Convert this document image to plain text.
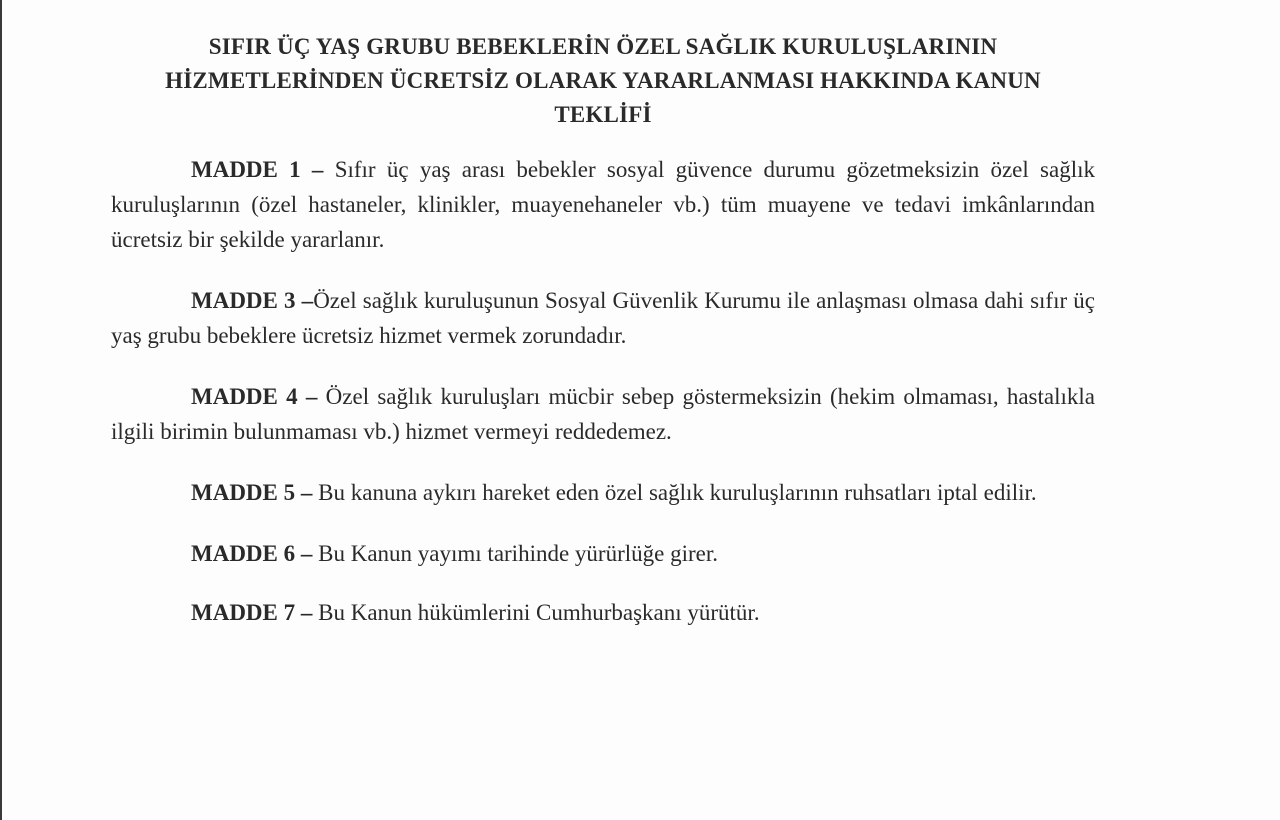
SIFIR ÜÇ YAŞ GRUBU BEBEKLERİN ÖZEL SAĞLIK KURULUŞLARININ
HİZMETLERİNDEN ÜCRETSİZ OLARAK YARARLANMASI HAKKINDA KANUN
TEKLİFİ

MADDE 1 – Sıfır üç yaş arası bebekler sosyal güvence durumu gözetmeksizin özel sağlık kuruluşlarının (özel hastaneler, klinikler, muayenehaneler vb.) tüm muayene ve tedavi imkânlarından ücretsiz bir şekilde yararlanır.

MADDE 3 –Özel sağlık kuruluşunun Sosyal Güvenlik Kurumu ile anlaşması olmasa dahi sıfır üç yaş grubu bebeklere ücretsiz hizmet vermek zorundadır.

MADDE 4 – Özel sağlık kuruluşları mücbir sebep göstermeksizin (hekim olmaması, hastalıkla ilgili birimin bulunmaması vb.) hizmet vermeyi reddedemez.

MADDE 5 – Bu kanuna aykırı hareket eden özel sağlık kuruluşlarının ruhsatları iptal edilir.

MADDE 6 – Bu Kanun yayımı tarihinde yürürlüğe girer.

MADDE 7 – Bu Kanun hükümlerini Cumhurbaşkanı yürütür.
